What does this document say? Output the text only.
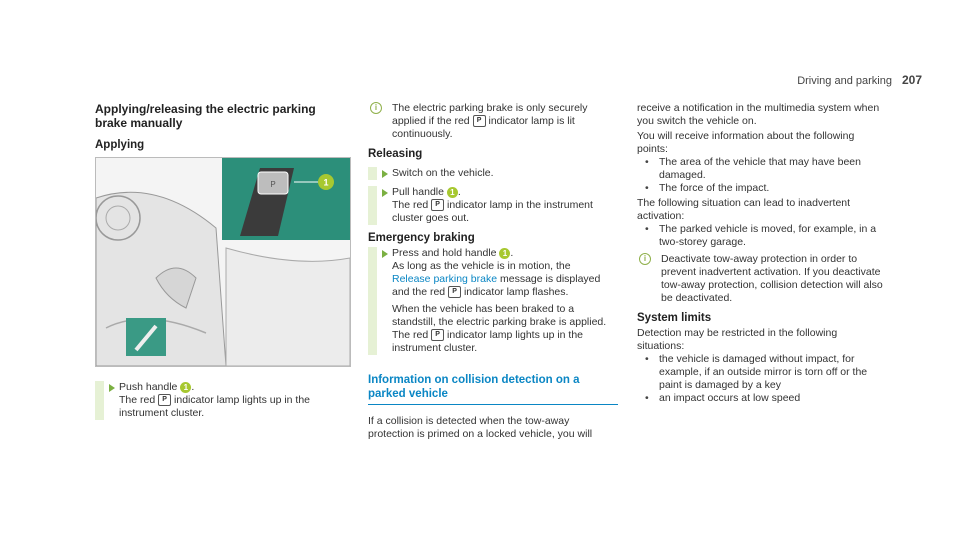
Driving and parking 207
Applying/releasing the electric parking brake manually
Applying
P	1

Push handle 1 .

The red P indicator lamp lights up in the instrument cluster.

i	The electric parking brake is only securely applied if the red P indicator lamp is lit continuously.

Releasing

Switch on the vehicle.

Pull handle 1 .

The red P indicator lamp in the instrument cluster goes out.

Emergency braking

Press and hold handle 1 .

As long as the vehicle is in motion, the

Release parking brake message is displayed and the red P indicator lamp flashes.

When the vehicle has been braked to a standstill, the electric parking brake is applied. The red P indicator lamp lights up in the instrument cluster.

Information on collision detection on a parked vehicle

If a collision is detected when the tow-away protection is primed on a locked vehicle, you will

receive a notification in the multimedia system when you switch the vehicle on.

You will receive information about the following points:

• The area of the vehicle that may have been damaged.
• The force of the impact.

The following situation can lead to inadvertent activation:

• The parked vehicle is moved, for example, in a two-storey garage.
i	Deactivate tow-away protection in order to prevent inadvertent activation. If you deactivate tow-away protection, collision detection will also be deactivated.

System limits

Detection may be restricted in the following situations:

• the vehicle is damaged without impact, for example, if an outside mirror is torn off or the paint is damaged by a key
• an impact occurs at low speed
